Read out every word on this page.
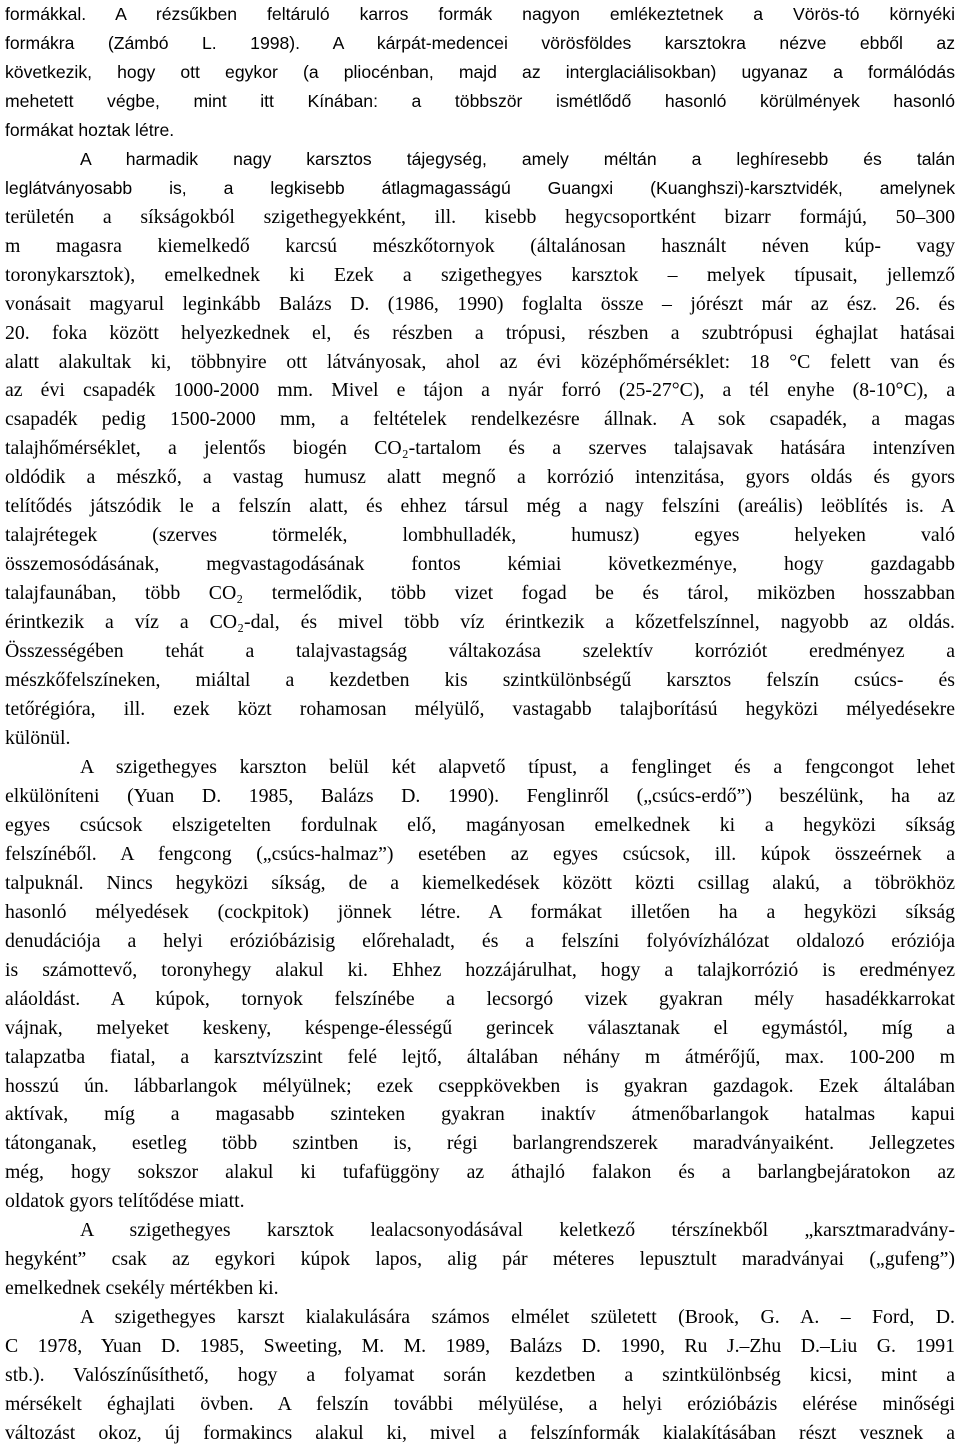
formákkal. A rézsűkben feltáruló karros formák nagyon emlékeztetnek a Vörös-tó környéki
formákra (Zámbó L. 1998). A kárpát-medencei vörösföldes karsztokra nézve ebből az
következik, hogy ott egykor (a pliocénban, majd az interglaciálisokban) ugyanaz a formálódás
mehetett végbe, mint itt Kínában: a többször ismétlődő hasonló körülmények hasonló
formákat hoztak létre.
A harmadik nagy karsztos tájegység, amely méltán a leghíresebb és talán
leglátványosabb is, a legkisebb átlagmagasságú Guangxi (Kuanghszi)-karsztvidék, amelynek
területén a síkságokból szigethegyekként, ill. kisebb hegycsoportként bizarr formájú, 50–300
m magasra kiemelkedő karcsú mészkőtornyok (általánosan használt néven kúp- vagy
toronykarsztok), emelkednek ki Ezek a szigethegyes karsztok – melyek típusait, jellemző
vonásait magyarul leginkább Balázs D. (1986, 1990) foglalta össze – jórészt már az ész. 26. és
20. foka között helyezkednek el, és részben a trópusi, részben a szubtrópusi éghajlat hatásai
alatt alakultak ki, többnyire ott látványosak, ahol az évi középhőmérséklet: 18 °C felett van és
az évi csapadék 1000-2000 mm. Mivel e tájon a nyár forró (25-27°C), a tél enyhe (8-10°C), a
csapadék pedig 1500-2000 mm, a feltételek rendelkezésre állnak. A sok csapadék, a magas
talajhőmérséklet, a jelentős biogén CO₂-tartalom és a szerves talajsavak hatására intenzíven
oldódik a mészkő, a vastag humusz alatt megnő a korrózió intenzitása, gyors oldás és gyors
telítődés játszódik le a felszín alatt, és ehhez társul még a nagy felszíni (areális) leöblítés is. A
talajrétegek (szerves törmelék, lombhulladék, humusz) egyes helyeken való
összemosódásának, megvastagodásának fontos kémiai következménye, hogy gazdagabb
talajfaunában, több CO₂ termelődik, több vizet fogad be és tárol, miközben hosszabban
érintkezik a víz a CO₂-dal, és mivel több víz érintkezik a kőzetfelszínnel, nagyobb az oldás.
Összességében tehát a talajvastagság váltakozása szelektív korróziót eredményez a
mészkőfelszíneken, miáltal a kezdetben kis szintkülönbségű karsztos felszín csúcs- és
tetőrégióra, ill. ezek közt rohamosan mélyülő, vastagabb talajborítású hegyközi mélyedésekre
különül.
A szigethegyes karszton belül két alapvető típust, a fenglinget és a fengcongot lehet
elkülöníteni (Yuan D. 1985, Balázs D. 1990). Fenglinről („csúcs-erdő”) beszélünk, ha az
egyes csúcsok elszigetelten fordulnak elő, magányosan emelkednek ki a hegyközi síkság
felszínéből. A fengcong („csúcs-halmaz”) esetében az egyes csúcsok, ill. kúpok összeérnek a
talpuknál. Nincs hegyközi síkság, de a kiemelkedések között közti csillag alakú, a töbrökhöz
hasonló mélyedések (cockpitok) jönnek létre. A formákat illetően ha a hegyközi síkság
denudációja a helyi erózióbázisig előrehaladt, és a felszíni folyóvízhálózat oldalozó eróziója
is számottevő, toronyhegy alakul ki. Ehhez hozzájárulhat, hogy a talajkorrózió is eredményez
aláoldást. A kúpok, tornyok felszínébe a lecsorgó vizek gyakran mély hasadékkarrokat
vájnak, melyeket keskeny, késpenge-élességű gerincek választanak el egymástól, míg a
talapzatba fiatal, a karsztvízszint felé lejtő, általában néhány m átmérőjű, max. 100-200 m
hosszú ún. lábbarlangok mélyülnek; ezek cseppkövekben is gyakran gazdagok. Ezek általában
aktívak, míg a magasabb szinteken gyakran inaktív átmenőbarlangok hatalmas kapui
tátonganak, esetleg több szintben is, régi barlangrendszerek maradványaiként. Jellegzetes
még, hogy sokszor alakul ki tufafüggöny az áthajló falakon és a barlangbejáratokon az
oldatok gyors telítődése miatt.
A szigethegyes karsztok lealacsonyodásával keletkező térszínekből „karsztmaradvány-
hegyként” csak az egykori kúpok lapos, alig pár méteres lepusztult maradványai („gufeng”)
emelkednek csekély mértékben ki.
A szigethegyes karszt kialakulására számos elmélet született (Brook, G. A. – Ford, D.
C 1978, Yuan D. 1985, Sweeting, M. M. 1989, Balázs D. 1990, Ru J.–Zhu D.–Liu G. 1991
stb.). Valószínűsíthető, hogy a folyamat során kezdetben a szintkülönbség kicsi, mint a
mérsékelt éghajlati övben. A felszín további mélyülése, a helyi erózióbázis elérése minőségi
változást okoz, új formakincs alakul ki, mivel a felszínformák kialakításában részt vesznek a
